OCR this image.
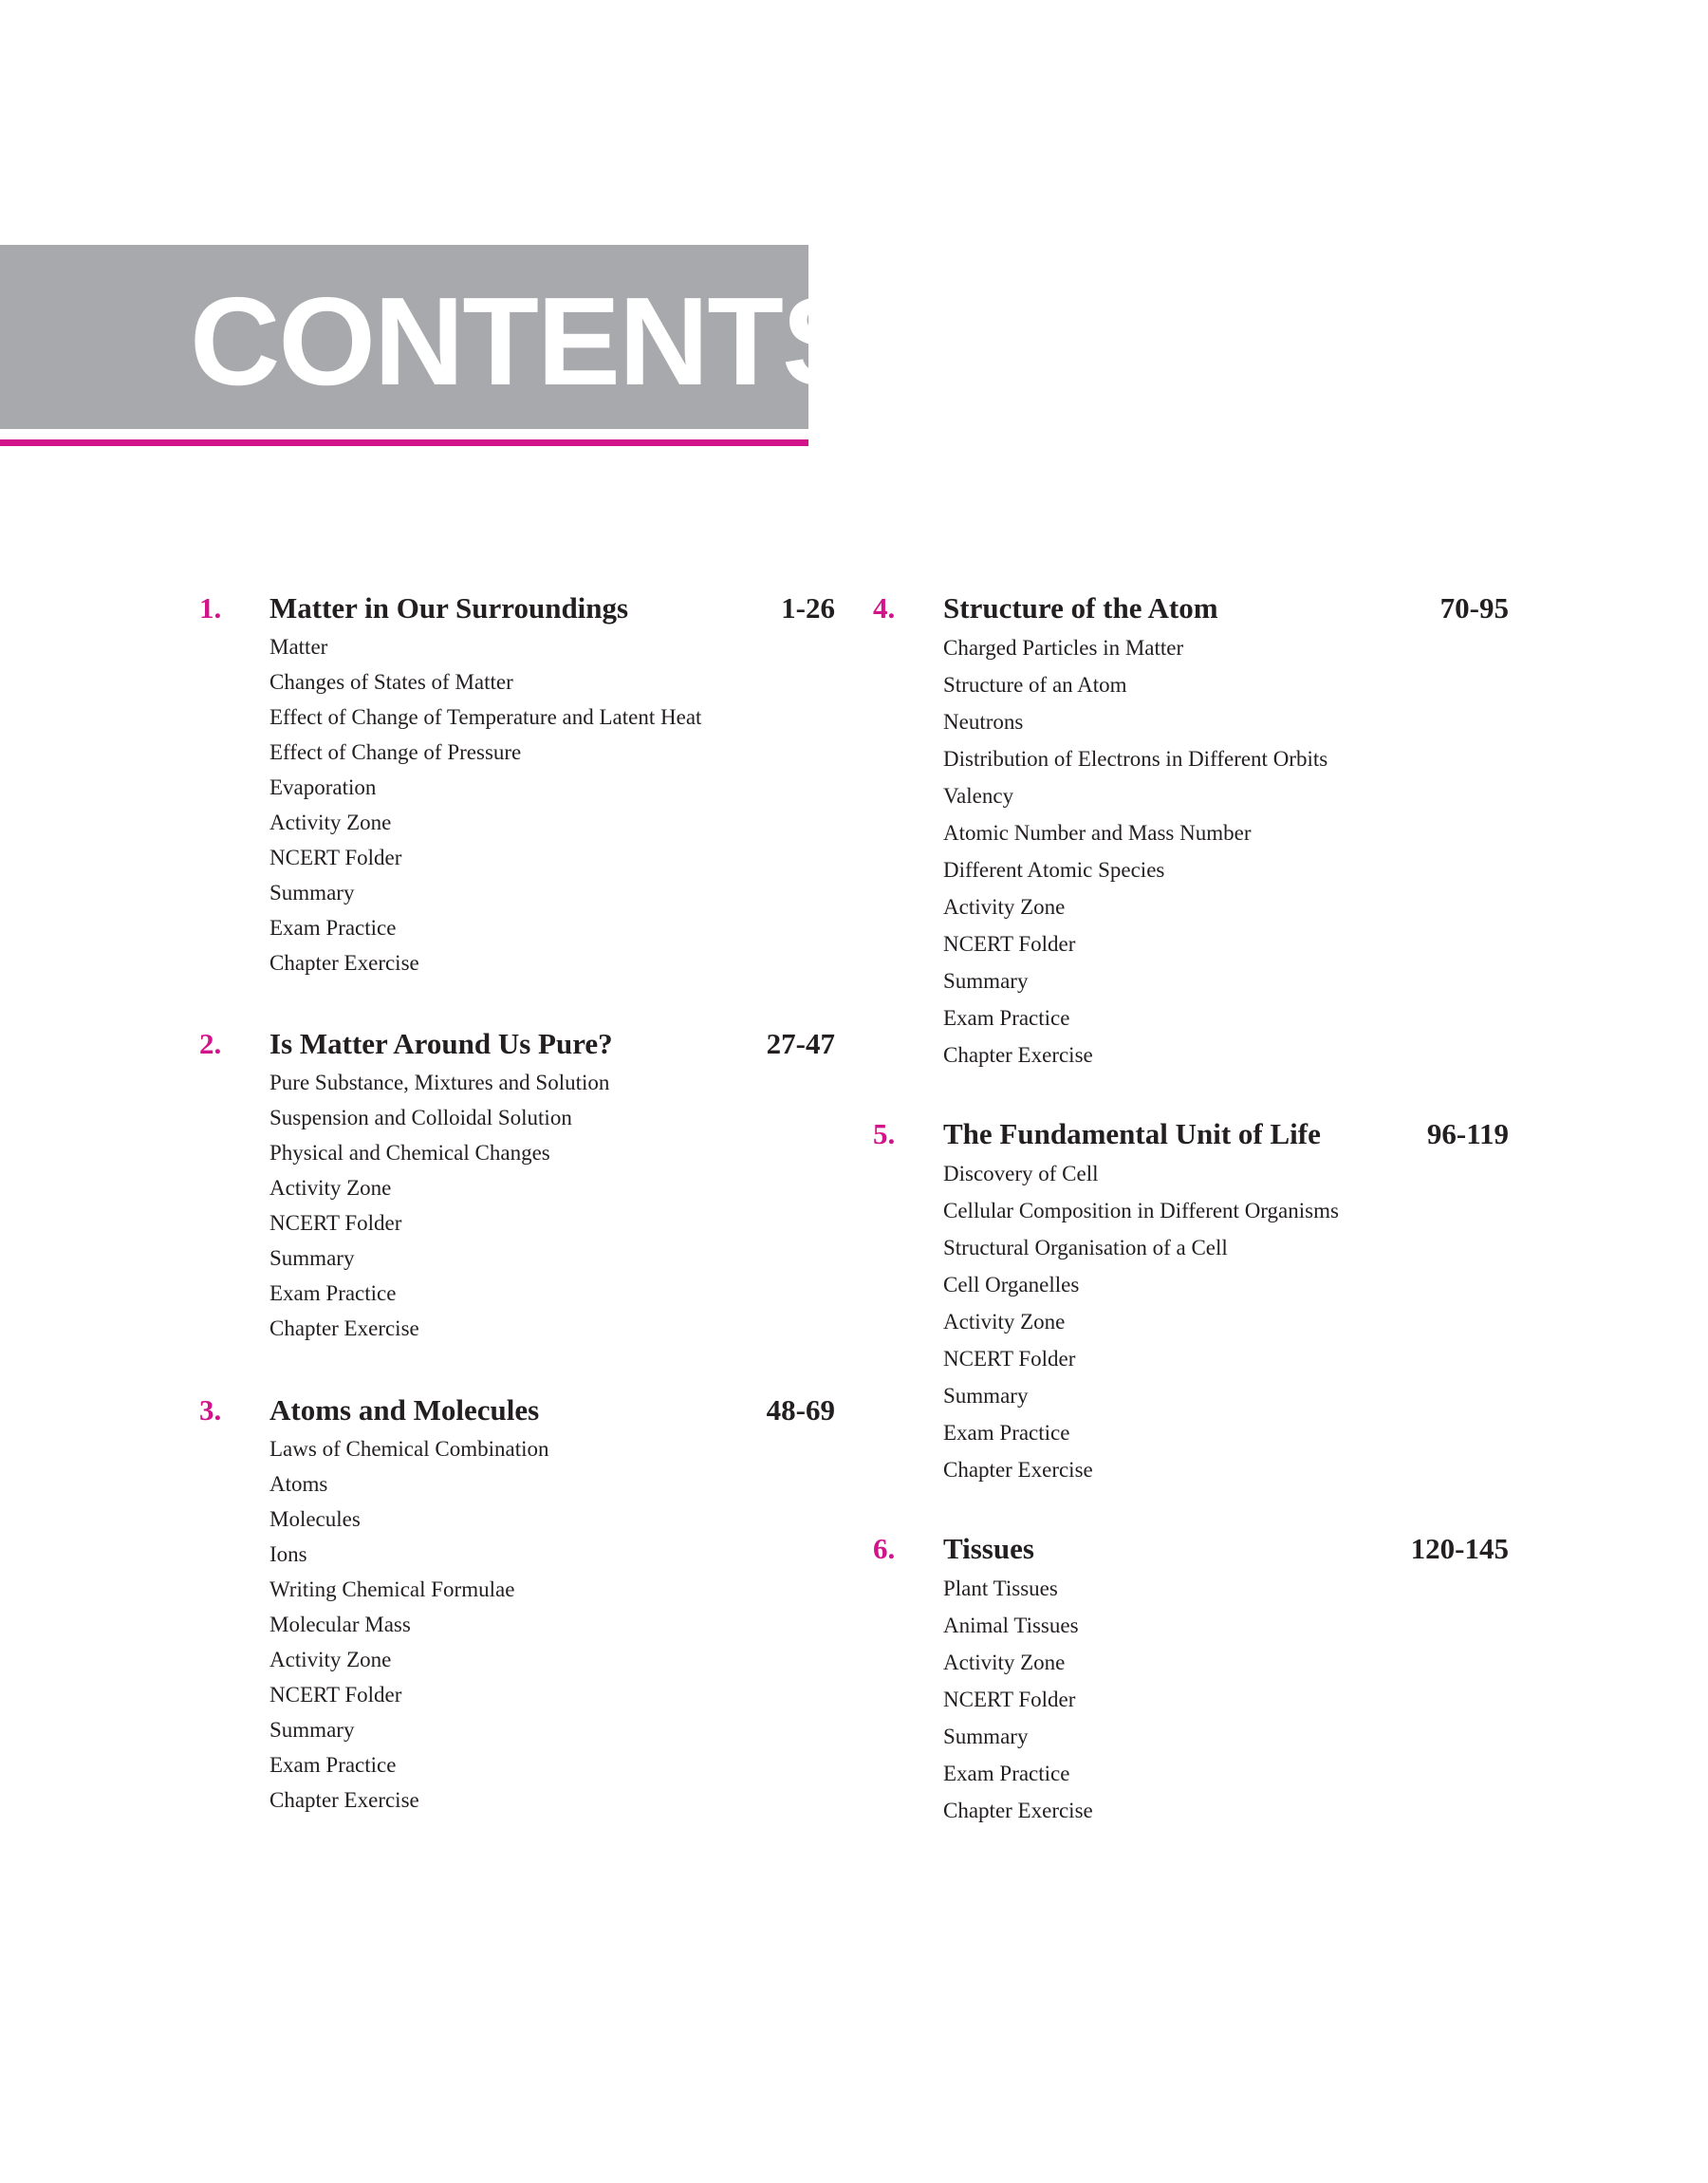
CONTENTS
1. Matter in Our Surroundings	1-26
Matter
Changes of States of Matter
Effect of Change of Temperature and Latent Heat
Effect of Change of Pressure
Evaporation
Activity Zone
NCERT Folder
Summary
Exam Practice
Chapter Exercise
2. Is Matter Around Us Pure?	27-47
Pure Substance, Mixtures and Solution
Suspension and Colloidal Solution
Physical and Chemical Changes
Activity Zone
NCERT Folder
Summary
Exam Practice
Chapter Exercise
3. Atoms and Molecules	48-69
Laws of Chemical Combination
Atoms
Molecules
Ions
Writing Chemical Formulae
Molecular Mass
Activity Zone
NCERT Folder
Summary
Exam Practice
Chapter Exercise
4. Structure of the Atom	70-95
Charged Particles in Matter
Structure of an Atom
Neutrons
Distribution of Electrons in Different Orbits
Valency
Atomic Number and Mass Number
Different Atomic Species
Activity Zone
NCERT Folder
Summary
Exam Practice
Chapter Exercise
5. The Fundamental Unit of Life	96-119
Discovery of Cell
Cellular Composition in Different Organisms
Structural Organisation of a Cell
Cell Organelles
Activity Zone
NCERT Folder
Summary
Exam Practice
Chapter Exercise
6. Tissues	120-145
Plant Tissues
Animal Tissues
Activity Zone
NCERT Folder
Summary
Exam Practice
Chapter Exercise
